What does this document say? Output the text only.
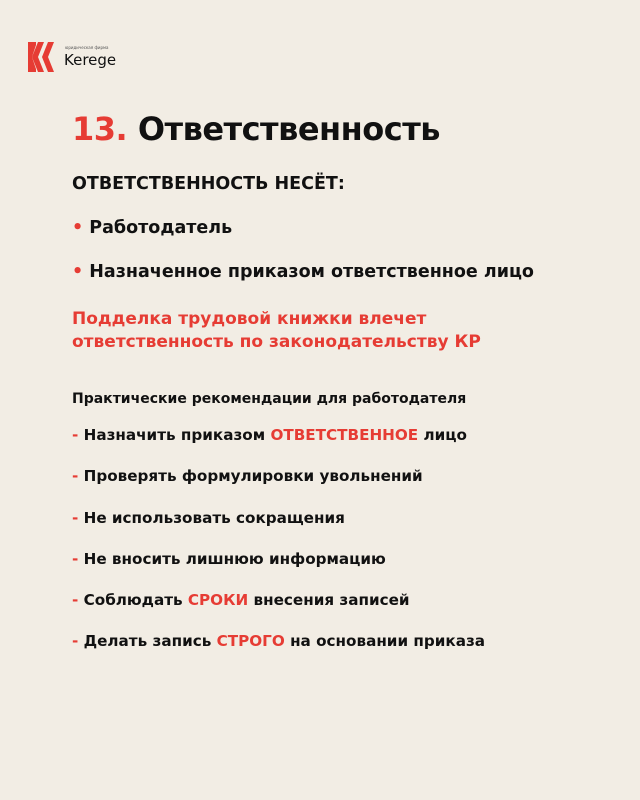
юридическая фирма
Kerege
13. Ответственность
ОТВЕТСТВЕННОСТЬ НЕСЁТ:
• Работодатель
• Назначенное приказом ответственное лицо
Подделка трудовой книжки влечет
ответственность по законодательству КР
Практические рекомендации для работодателя
- Назначить приказом ОТВЕТСТВЕННОЕ лицо
- Проверять формулировки увольнений
- Не использовать сокращения
- Не вносить лишнюю информацию
- Соблюдать СРОКИ внесения записей
- Делать запись СТРОГО на основании приказа
